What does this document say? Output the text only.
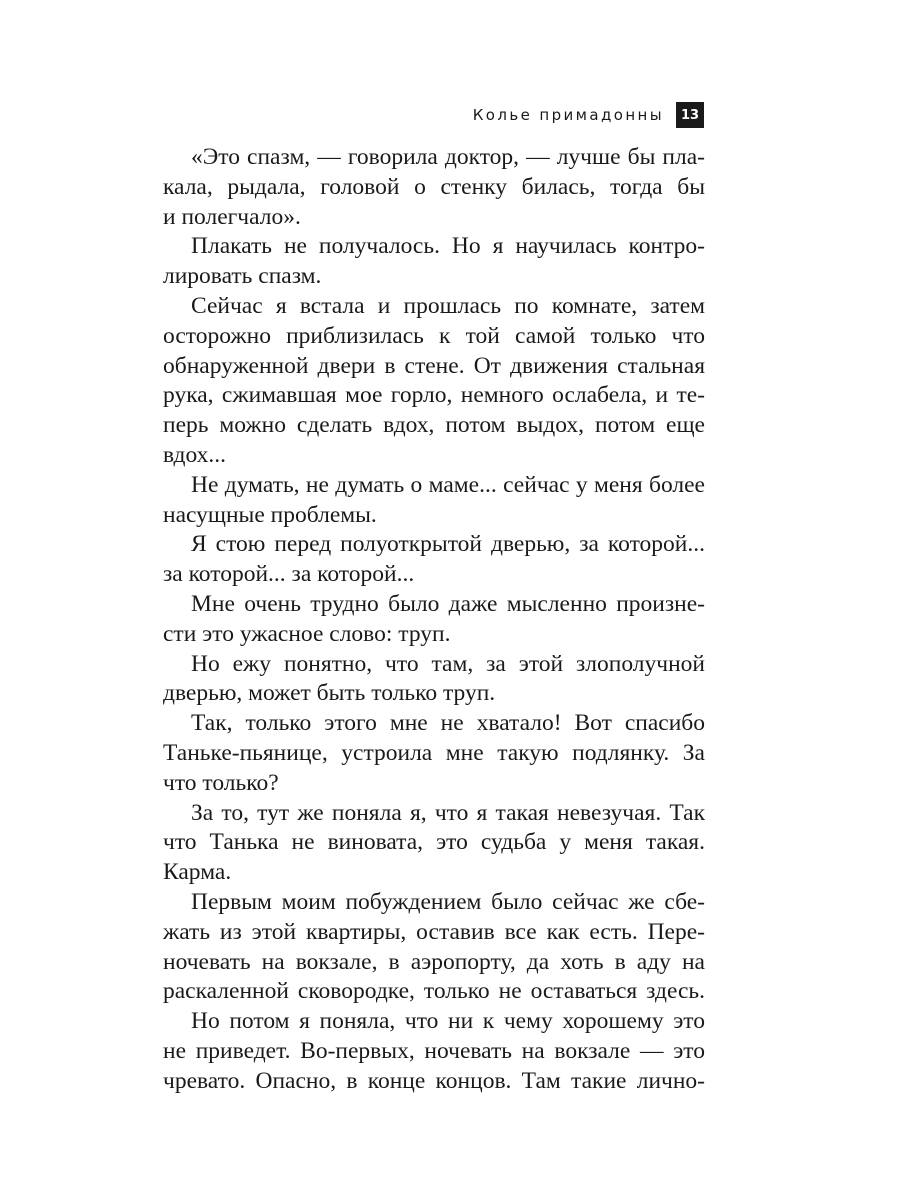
Колье примадонны	13

«Это спазм, — говорила доктор, — лучше бы пла-
кала, рыдала, головой о стенку билась, тогда бы
и полегчало».

Плакать не получалось. Но я научилась контро-
лировать спазм.

Сейчас я встала и прошлась по комнате, затем
осторожно приблизилась к той самой только что
обнаруженной двери в стене. От движения стальная
рука, сжимавшая мое горло, немного ослабела, и те-
перь можно сделать вдох, потом выдох, потом еще
вдох...

Не думать, не думать о маме... сейчас у меня более
насущные проблемы.

Я стою перед полуоткрытой дверью, за которой...
за которой... за которой...

Мне очень трудно было даже мысленно произне-
сти это ужасное слово: труп.

Но ежу понятно, что там, за этой злополучной
дверью, может быть только труп.

Так, только этого мне не хватало! Вот спасибо
Таньке-пьянице, устроила мне такую подлянку. За
что только?

За то, тут же поняла я, что я такая невезучая. Так
что Танька не виновата, это судьба у меня такая.
Карма.

Первым моим побуждением было сейчас же сбе-
жать из этой квартиры, оставив все как есть. Пере-
ночевать на вокзале, в аэропорту, да хоть в аду на
раскаленной сковородке, только не оставаться здесь.

Но потом я поняла, что ни к чему хорошему это
не приведет. Во-первых, ночевать на вокзале — это
чревато. Опасно, в конце концов. Там такие лично-
